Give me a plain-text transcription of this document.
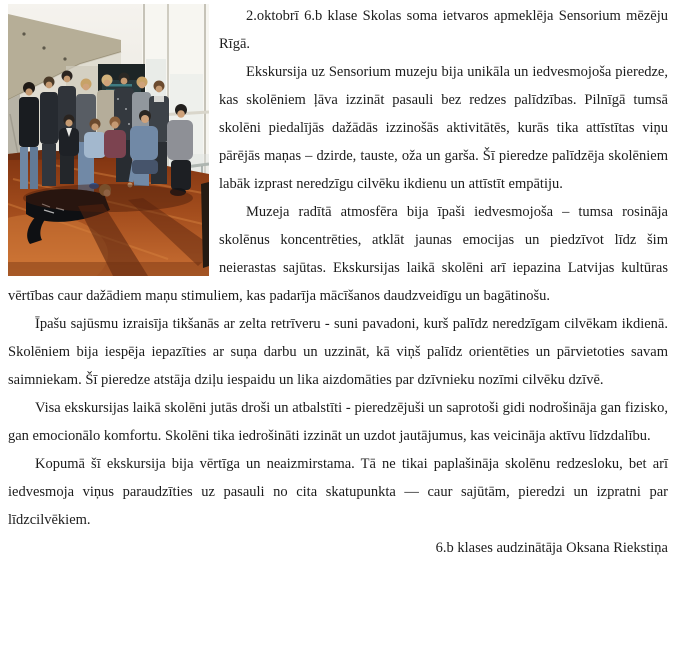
2.oktobrī 6.b klase Skolas soma ietvaros apmeklēja Sensorium mēzēju Rīgā.

Ekskursija uz Sensorium muzeju bija unikāla un iedvesmojoša pieredze, kas skolēniem ļāva izzināt pasauli bez redzes palīdzības. Pilnīgā tumsā skolēni piedalījās dažādās izzinošās aktivitātēs, kurās tika attīstītas viņu pārējās maņas – dzirde, tauste, oža un garša. Šī pieredze palīdzēja skolēniem labāk izprast neredzīgu cilvēku ikdienu un attīstīt empātiju.

Muzeja radītā atmosfēra bija īpaši iedvesmojoša – tumsa rosināja skolēnus koncentrēties, atklāt jaunas emocijas un piedzīvot līdz šim neierastas sajūtas. Ekskursijas laikā skolēni arī iepazina Latvijas kultūras vērtības caur dažādiem maņu stimuliem, kas padarīja mācīšanos daudzveidīgu un bagātinošu.

Īpašu sajūsmu izraisīja tikšanās ar zelta retrīveru - suni pavadoni, kurš palīdz neredzīgam cilvēkam ikdienā. Skolēniem bija iespēja iepazīties ar suņa darbu un uzzināt, kā viņš palīdz orientēties un pārvietoties savam saimniekam. Šī pieredze atstāja dziļu iespaidu un lika aizdomāties par dzīvnieku nozīmi cilvēku dzīvē.

Visa ekskursijas laikā skolēni jutās droši un atbalstīti - pieredzējuši un saprotoši gidi nodrošināja gan fizisko, gan emocionālo komfortu. Skolēni tika iedrošināti izzināt un uzdot jautājumus, kas veicināja aktīvu līdzdalību.

Kopumā šī ekskursija bija vērtīga un neaizmirstama. Tā ne tikai paplašināja skolēnu redzesloku, bet arī iedvesmoja viņus paraudzīties uz pasauli no cita skatupunkta — caur sajūtām, pieredzi un izpratni par līdzcilvēkiem.

6.b klases audzinātāja Oksana Riekstiņa
